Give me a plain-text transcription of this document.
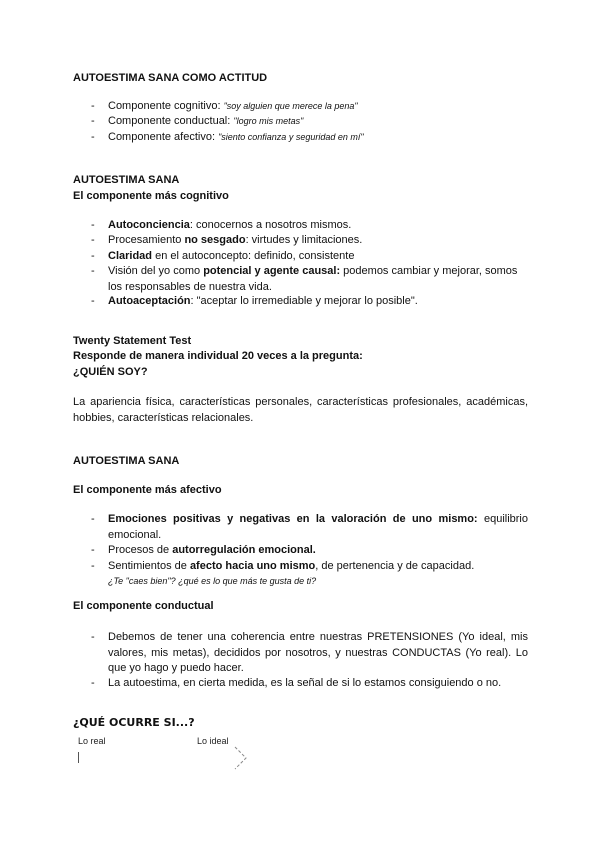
AUTOESTIMA SANA COMO ACTITUD
- Componente cognitivo: "soy alguien que merece la pena"
- Componente conductual: "logro mis metas"
- Componente afectivo: "siento confianza y seguridad en mí"
AUTOESTIMA SANA
El componente más cognitivo
- Autoconciencia: conocernos a nosotros mismos.
- Procesamiento no sesgado: virtudes y limitaciones.
- Claridad en el autoconcepto: definido, consistente
- Visión del yo como potencial y agente causal: podemos cambiar y mejorar, somos los responsables de nuestra vida.
- Autoaceptación: "aceptar lo irremediable y mejorar lo posible".
Twenty Statement Test
Responde de manera individual 20 veces a la pregunta:
¿QUIÉN SOY?
La apariencia física, características personales, características profesionales, académicas, hobbies, características relacionales.
AUTOESTIMA SANA
El componente más afectivo
- Emociones positivas y negativas en la valoración de uno mismo: equilibrio emocional.
- Procesos de autorregulación emocional.
- Sentimientos de afecto hacia uno mismo, de pertenencia y de capacidad.
¿Te "caes bien"? ¿qué es lo que más te gusta de ti?
El componente conductual
- Debemos de tener una coherencia entre nuestras PRETENSIONES (Yo ideal, mis valores, mis metas), decididos por nosotros, y nuestras CONDUCTAS (Yo real). Lo que yo hago y puedo hacer.
- La autoestima, en cierta medida, es la señal de si lo estamos consiguiendo o no.
¿QUÉ OCURRE SI...?
Lo real	Lo ideal
